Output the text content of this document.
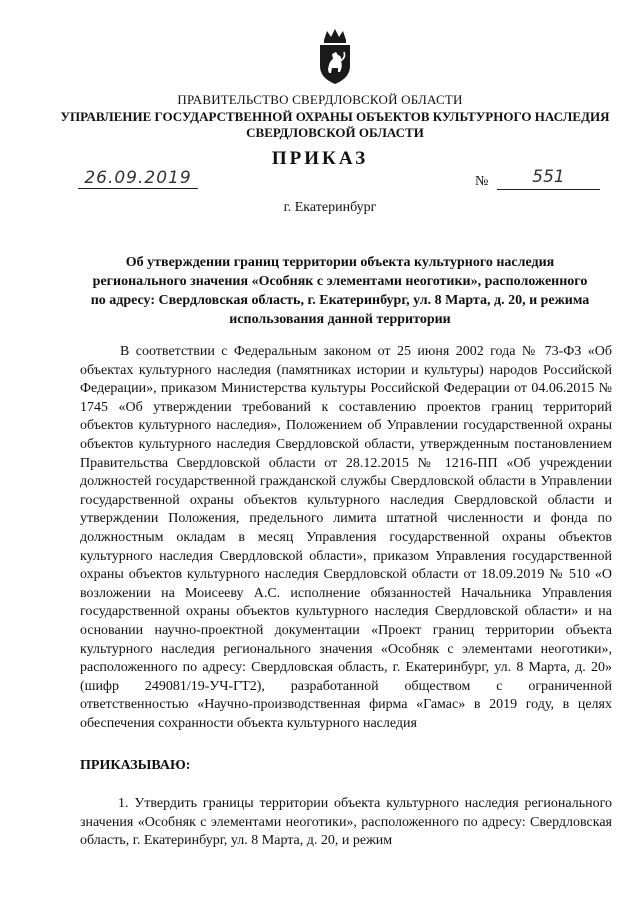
ПРАВИТЕЛЬСТВО СВЕРДЛОВСКОЙ ОБЛАСТИ
УПРАВЛЕНИЕ ГОСУДАРСТВЕННОЙ ОХРАНЫ ОБЪЕКТОВ КУЛЬТУРНОГО НАСЛЕДИЯ СВЕРДЛОВСКОЙ ОБЛАСТИ
ПРИКАЗ
26.09.2019	№	551
г. Екатеринбург
Об утверждении границ территории объекта культурного наследия регионального значения «Особняк с элементами неоготики», расположенного по адресу: Свердловская область, г. Екатеринбург, ул. 8 Марта, д. 20, и режима использования данной территории
В соответствии с Федеральным законом от 25 июня 2002 года № 73-ФЗ «Об объектах культурного наследия (памятниках истории и культуры) народов Российской Федерации», приказом Министерства культуры Российской Федерации от 04.06.2015 № 1745 «Об утверждении требований к составлению проектов границ территорий объектов культурного наследия», Положением об Управлении государственной охраны объектов культурного наследия Свердловской области, утвержденным постановлением Правительства Свердловской области от 28.12.2015 № 1216-ПП «Об учреждении должностей государственной гражданской службы Свердловской области в Управлении государственной охраны объектов культурного наследия Свердловской области и утверждении Положения, предельного лимита штатной численности и фонда по должностным окладам в месяц Управления государственной охраны объектов культурного наследия Свердловской области», приказом Управления государственной охраны объектов культурного наследия Свердловской области от 18.09.2019 № 510 «О возложении на Моисееву А.С. исполнение обязанностей Начальника Управления государственной охраны объектов культурного наследия Свердловской области» и на основании научно-проектной документации «Проект границ территории объекта культурного наследия регионального значения «Особняк с элементами неоготики», расположенного по адресу: Свердловская область, г. Екатеринбург, ул. 8 Марта, д. 20» (шифр 249081/19-УЧ-ГТ2), разработанной обществом с ограниченной ответственностью «Научно-производственная фирма «Гамас» в 2019 году, в целях обеспечения сохранности объекта культурного наследия
ПРИКАЗЫВАЮ:
1. Утвердить границы территории объекта культурного наследия регионального значения «Особняк с элементами неоготики», расположенного по адресу: Свердловская область, г. Екатеринбург, ул. 8 Марта, д. 20, и режим
